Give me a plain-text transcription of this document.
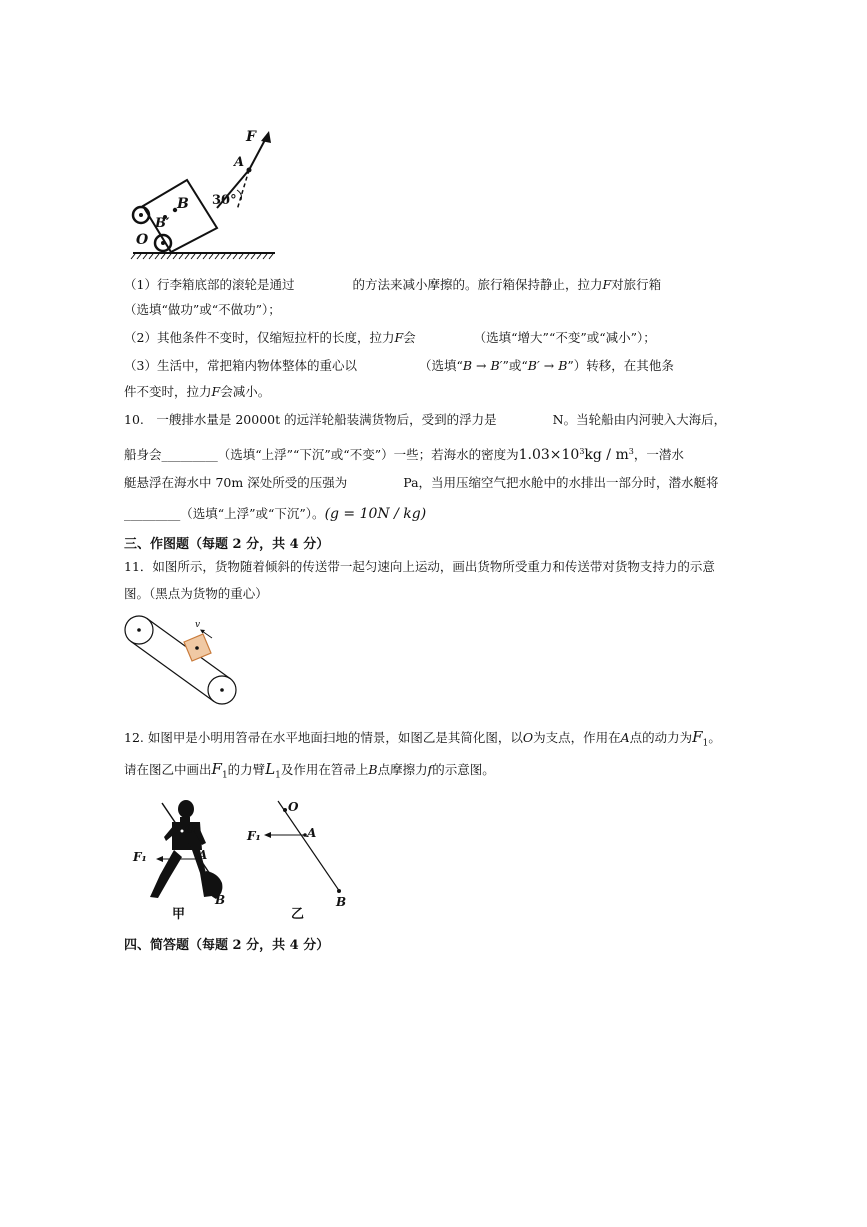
F
A
B
B′
O
30°
（1）行李箱底部的滚轮是通过	的方法来减小摩擦的。旅行箱保持静止，拉力F对旅行箱
（选填“做功”或“不做功”）；
（2）其他条件不变时，仅缩短拉杆的长度，拉力F会	（选填“增大”“不变”或“减小”）；
（3）生活中，常把箱内物体整体的重心以	（选填“B → B′”或“B′ → B”）转移，在其他条
件不变时，拉力F会减小。
10.　一艘排水量是 20000t 的远洋轮船装满货物后，受到的浮力是	N。当轮船由内河驶入大海后，
船身会_________（选填“上浮”“下沉”或“不变”）一些；若海水的密度为$1.03\times 10^3kg / m^3$，一潜水
艇悬浮在海水中 70m 深处所受的压强为	Pa，当用压缩空气把水舱中的水排出一部分时，潜水艇将
_________（选填“上浮”或“下沉”）。(g = 10N / kg)
三、作图题（每题 2 分，共 4 分）
11．如图所示，货物随着倾斜的传送带一起匀速向上运动，画出货物所受重力和传送带对货物支持力的示意
图。（黑点为货物的重心）
v
12. 如图甲是小明用笤帚在水平地面扫地的情景，如图乙是其简化图，以O为支点，作用在A点的动力为$F_1$。
请在图乙中画出$F_1$的力臂$L_1$及作用在笤帚上B点摩擦力f的示意图。
O
A
F₁
B
甲
O
A
F₁
B
乙
四、简答题（每题 2 分，共 4 分）
